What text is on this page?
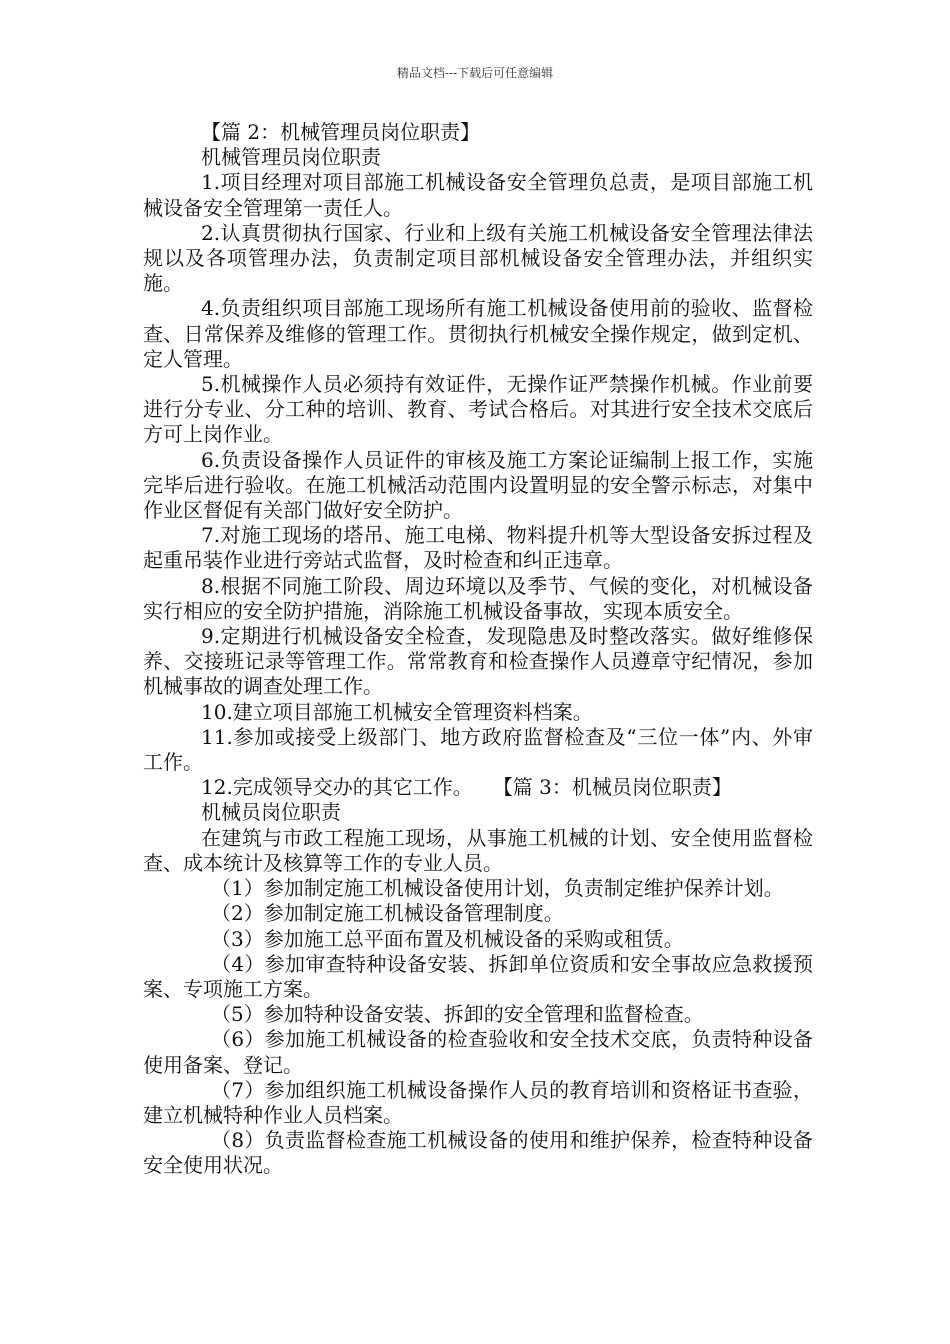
精品文档---下载后可任意编辑

【篇 2：机械管理员岗位职责】

机械管理员岗位职责

1.项目经理对项目部施工机械设备安全管理负总责，是项目部施工机械设备安全管理第一责任人。

2.认真贯彻执行国家、行业和上级有关施工机械设备安全管理法律法规以及各项管理办法，负责制定项目部机械设备安全管理办法，并组织实施。

4.负责组织项目部施工现场所有施工机械设备使用前的验收、监督检查、日常保养及维修的管理工作。贯彻执行机械安全操作规定，做到定机、定人管理。

5.机械操作人员必须持有效证件，无操作证严禁操作机械。作业前要进行分专业、分工种的培训、教育、考试合格后。对其进行安全技术交底后方可上岗作业。

6.负责设备操作人员证件的审核及施工方案论证编制上报工作，实施完毕后进行验收。在施工机械活动范围内设置明显的安全警示标志，对集中作业区督促有关部门做好安全防护。

7.对施工现场的塔吊、施工电梯、物料提升机等大型设备安拆过程及起重吊装作业进行旁站式监督，及时检查和纠正违章。

8.根据不同施工阶段、周边环境以及季节、气候的变化，对机械设备实行相应的安全防护措施，消除施工机械设备事故，实现本质安全。

9.定期进行机械设备安全检查，发现隐患及时整改落实。做好维修保养、交接班记录等管理工作。常常教育和检查操作人员遵章守纪情况，参加机械事故的调查处理工作。

10.建立项目部施工机械安全管理资料档案。

11.参加或接受上级部门、地方政府监督检查及“三位一体”内、外审工作。

12.完成领导交办的其它工作。  【篇 3：机械员岗位职责】

机械员岗位职责

在建筑与市政工程施工现场，从事施工机械的计划、安全使用监督检查、成本统计及核算等工作的专业人员。

（1）参加制定施工机械设备使用计划，负责制定维护保养计划。

（2）参加制定施工机械设备管理制度。

（3）参加施工总平面布置及机械设备的采购或租赁。

（4）参加审查特种设备安装、拆卸单位资质和安全事故应急救援预案、专项施工方案。

（5）参加特种设备安装、拆卸的安全管理和监督检查。

（6）参加施工机械设备的检查验收和安全技术交底，负责特种设备使用备案、登记。

（7）参加组织施工机械设备操作人员的教育培训和资格证书查验，建立机械特种作业人员档案。

（8）负责监督检查施工机械设备的使用和维护保养，检查特种设备安全使用状况。
